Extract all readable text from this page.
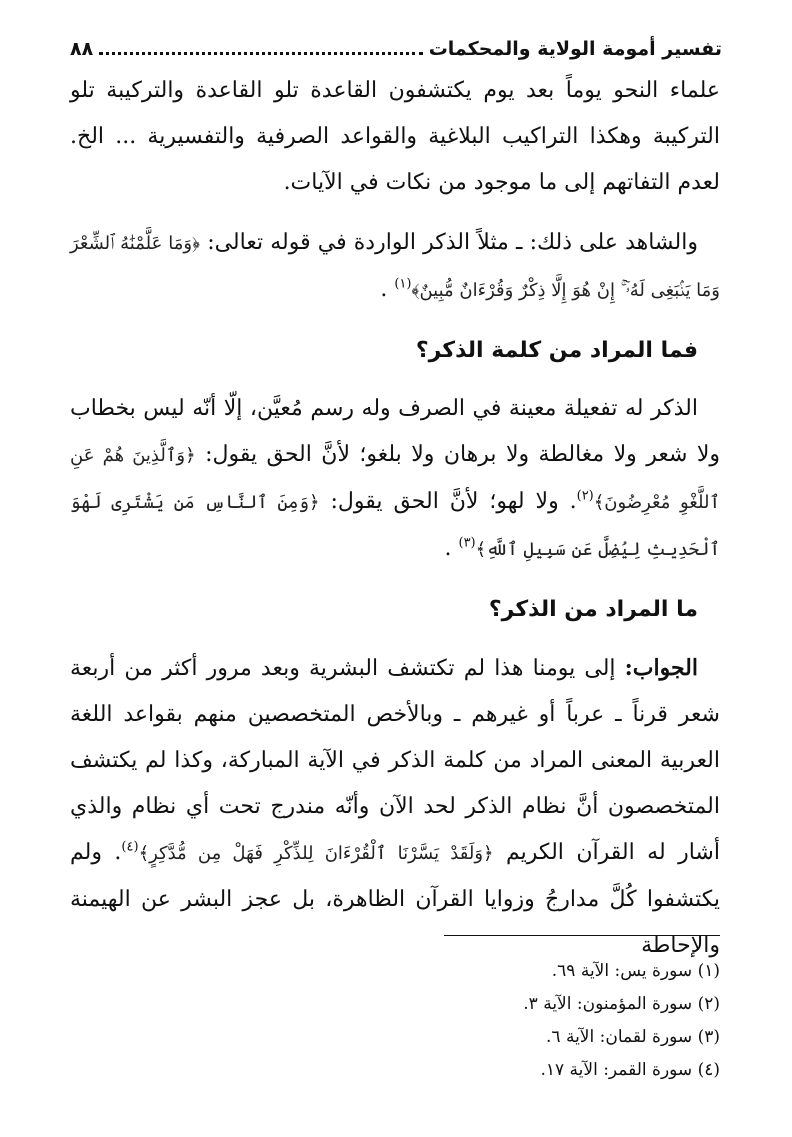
تفسير أمومة الولاية والمحكمات
٨٨

علماء النحو يوماً بعد يوم يكتشفون القاعدة تلو القاعدة والتركيبة تلو التركيبة وهكذا التراكيب البلاغية والقواعد الصرفية والتفسيرية ... الخ. لعدم التفاتهم إلى ما موجود من نكات في الآيات.

والشاهد على ذلك: ـ مثلاً الذكر الواردة في قوله تعالى: ﴿وَمَا عَلَّمْنَٰهُ ٱلشِّعْرَ وَمَا يَنۢبَغِى لَهُۥٓ ۚ إِنْ هُوَ إِلَّا ذِكْرٌ وَقُرْءَانٌ مُّبِينٌ﴾$^{(١)}$ .

فما المراد من كلمة الذكر؟

الذكر له تفعيلة معينة في الصرف وله رسم مُعيَّن، إلّا أنّه ليس بخطاب ولا شعر ولا مغالطة ولا برهان ولا بلغو؛ لأنَّ الحق يقول: ﴿وَٱلَّذِينَ هُمْ عَنِ ٱللَّغْوِ مُعْرِضُونَ﴾$^{(٢)}$. ولا لهو؛ لأنَّ الحق يقول: ﴿وَمِنَ ٱلنَّاسِ مَن يَشْتَرِى لَهْوَ ٱلْحَدِيثِ لِيُضِلَّ عَن سَبِيلِ ٱللَّهِ﴾$^{(٣)}$ .

ما المراد من الذكر؟

الجواب: إلى يومنا هذا لم تكتشف البشرية وبعد مرور أكثر من أربعة شعر قرناً ـ عرباً أو غيرهم ـ وبالأخص المتخصصين منهم بقواعد اللغة العربية المعنى المراد من كلمة الذكر في الآية المباركة، وكذا لم يكتشف المتخصصون أنَّ نظام الذكر لحد الآن وأنّه مندرج تحت أي نظام والذي أشار له القرآن الكريم ﴿وَلَقَدْ يَسَّرْنَا ٱلْقُرْءَانَ لِلذِّكْرِ فَهَلْ مِن مُّدَّكِرٍ﴾$^{(٤)}$. ولم يكتشفوا كُلَّ مدارجُ وزوايا القرآن الظاهرة، بل عجز البشر عن الهيمنة والإحاطة

(١) سورة يس: الآية ٦٩.

(٢) سورة المؤمنون: الآية ٣.

(٣) سورة لقمان: الآية ٦.

(٤) سورة القمر: الآية ١٧.
